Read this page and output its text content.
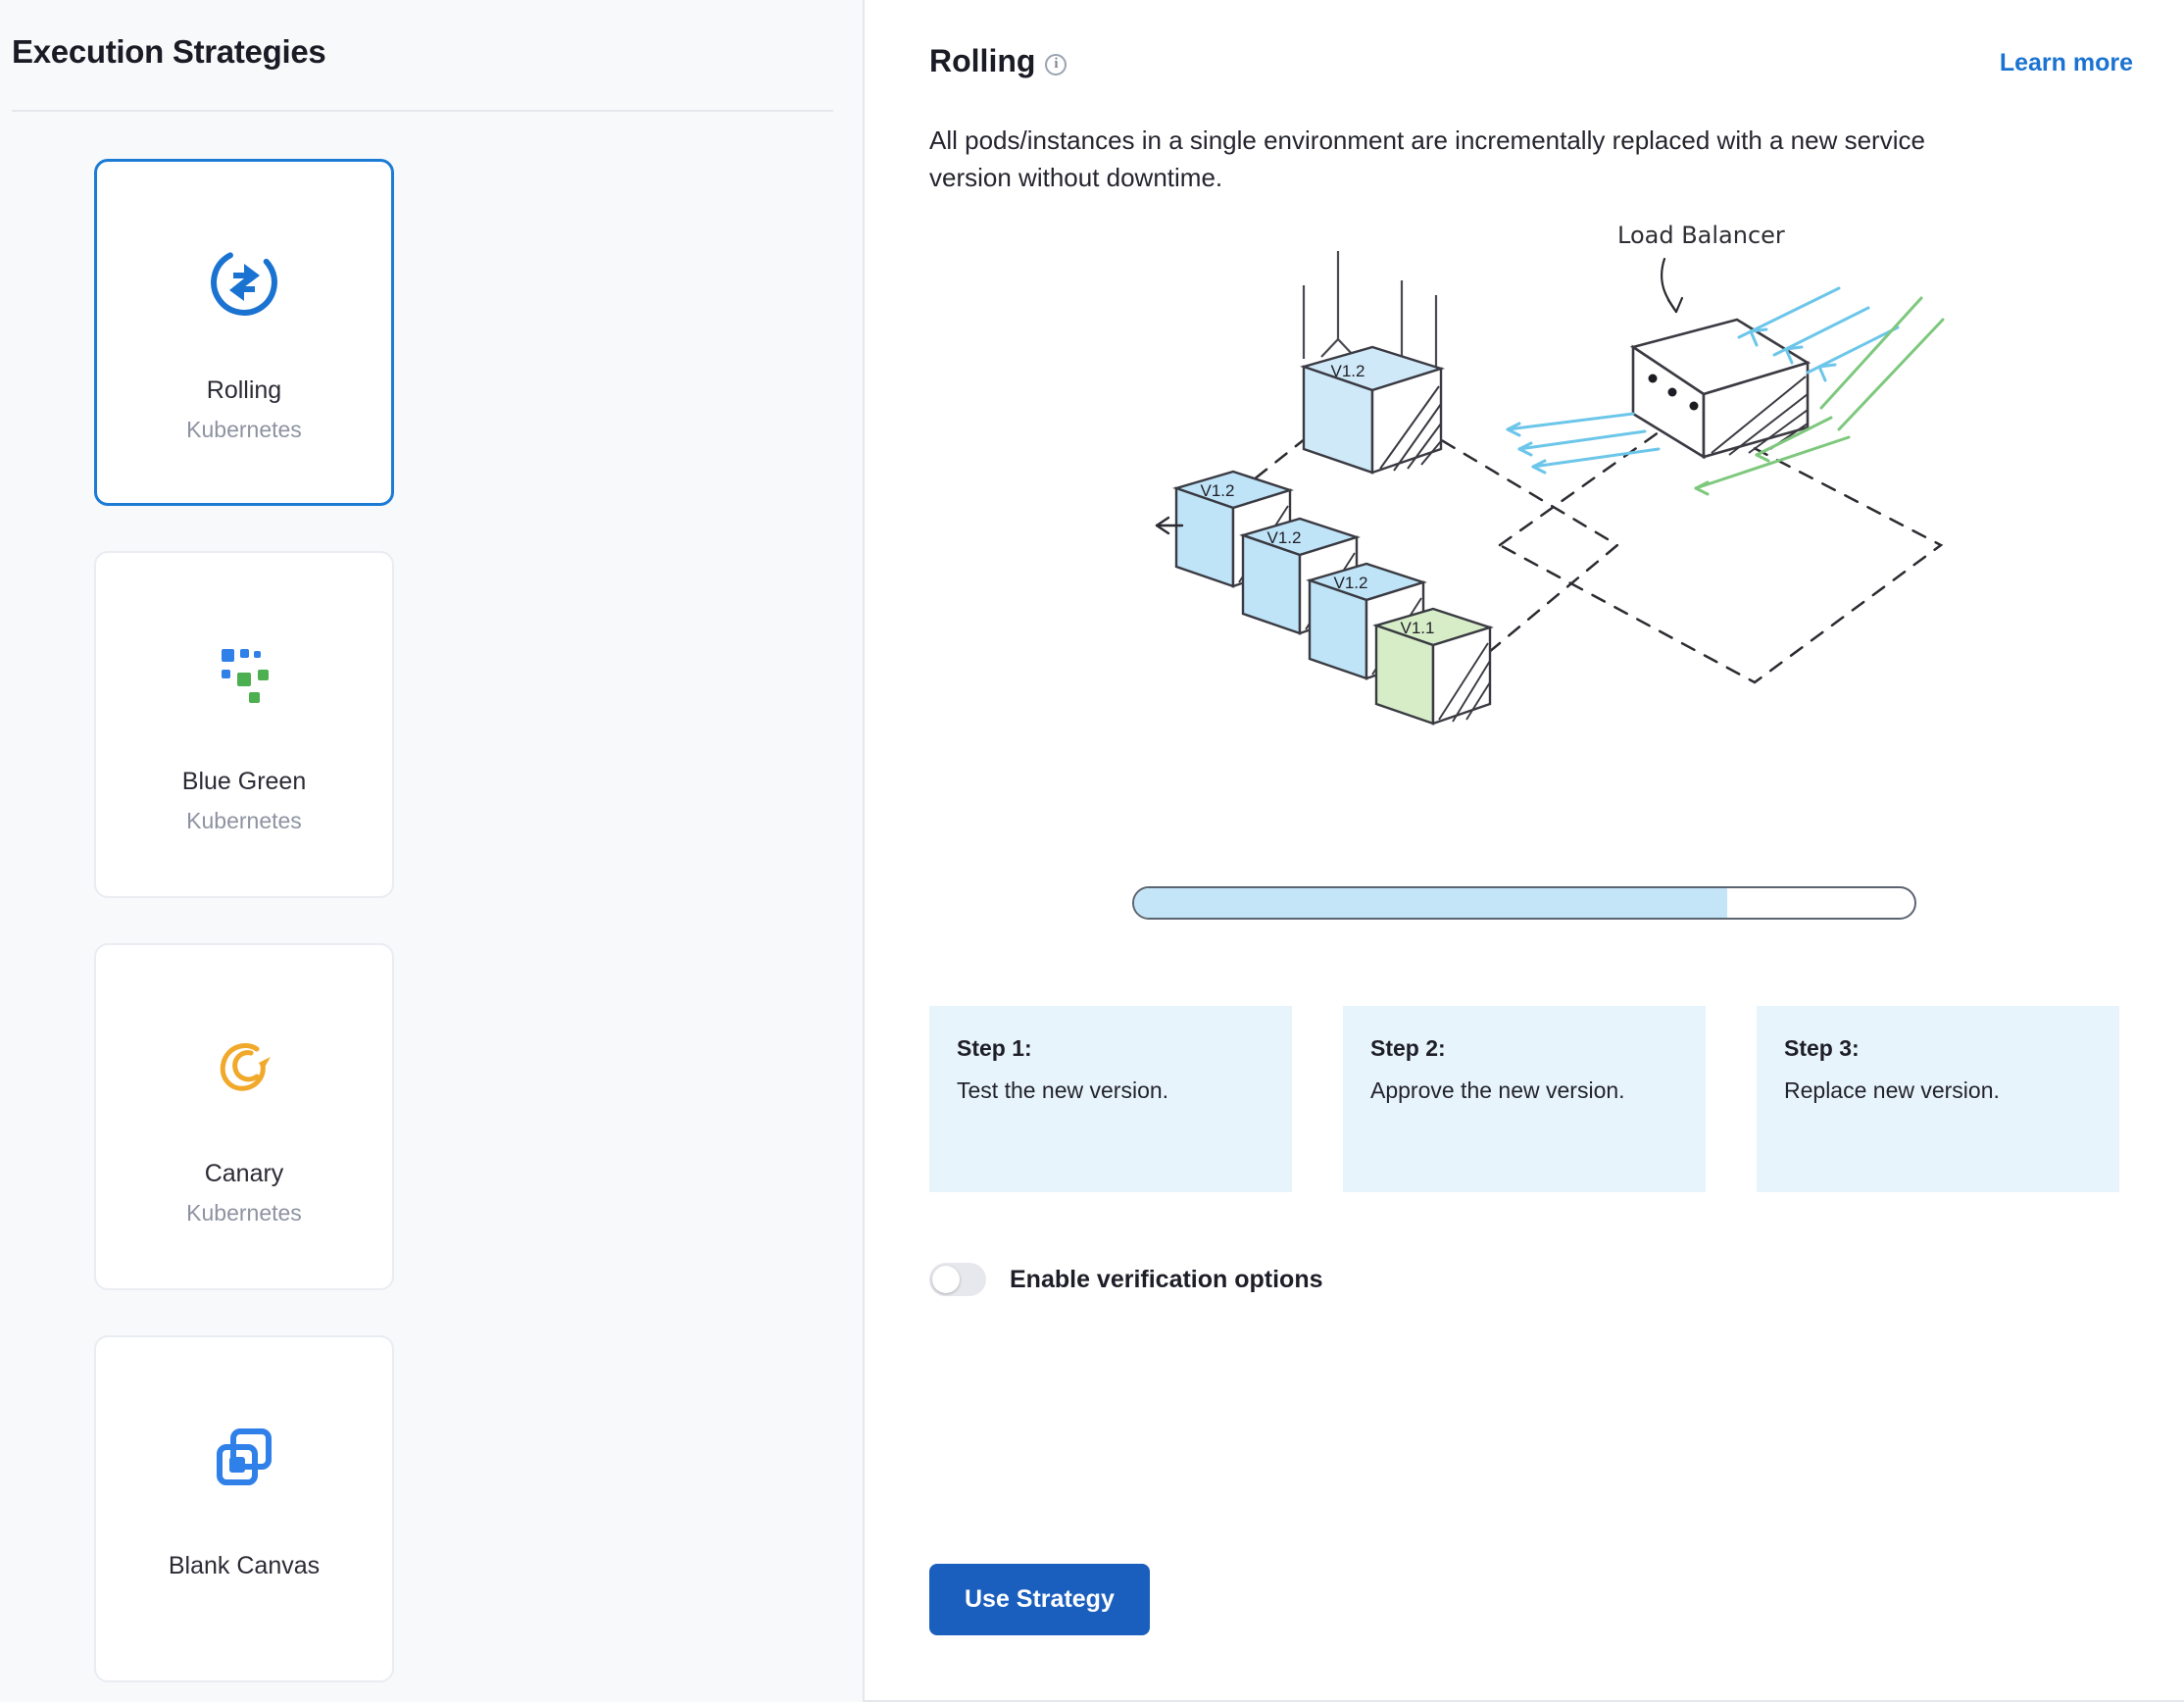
Execution Strategies
Rolling
Kubernetes
Blue Green
Kubernetes
Canary
Kubernetes
Blank Canvas
Rolling	i	Learn more

All pods/instances in a single environment are incrementally replaced with a new service version without downtime.

V1.2
V1.2
V1.2
V1.2
V1.1
Load Balancer
Step 1:
Test the new version.
Step 2:
Approve the new version.
Step 3:
Replace new version.
Enable verification options
Use Strategy
